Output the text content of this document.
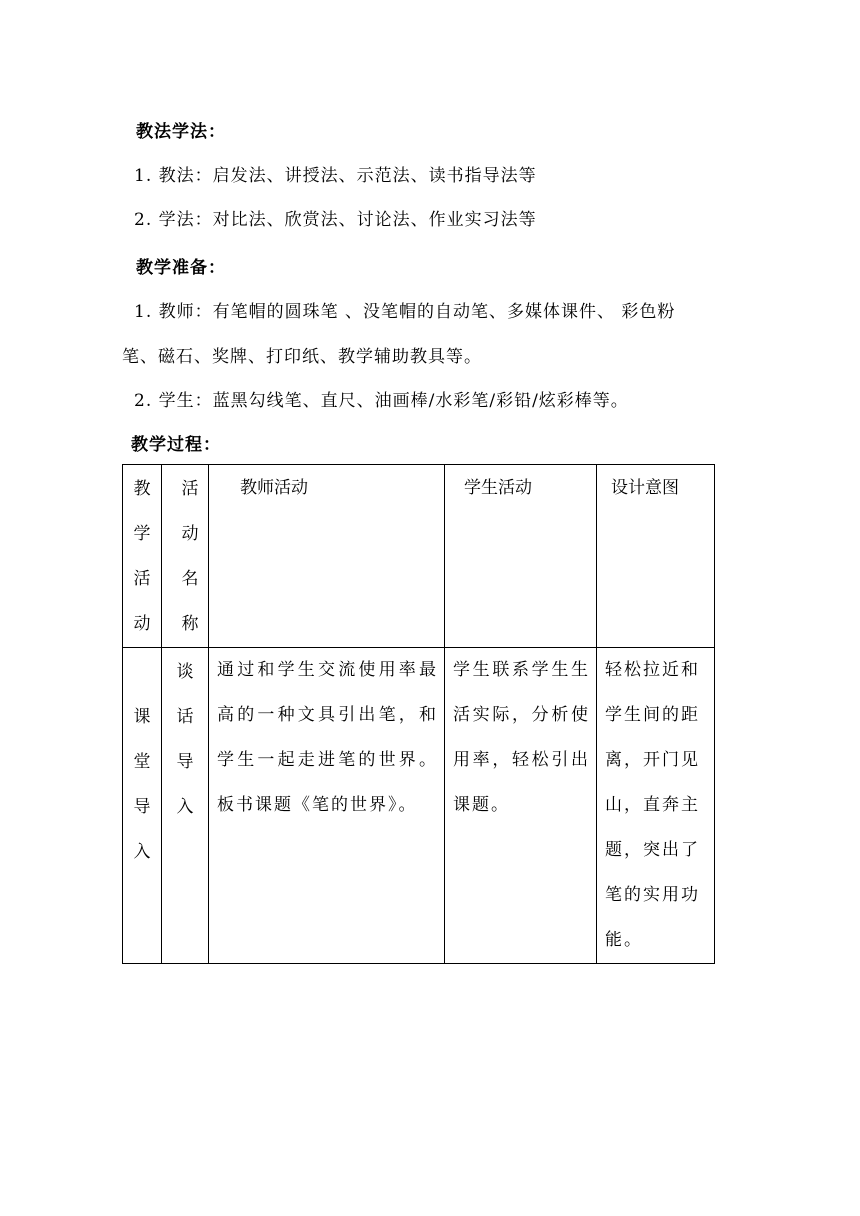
教法学法：
1. 教法：启发法、讲授法、示范法、读书指导法等
2. 学法：对比法、欣赏法、讨论法、作业实习法等
教学准备：
1. 教师：有笔帽的圆珠笔 、没笔帽的自动笔、多媒体课件、 彩色粉
笔、磁石、奖牌、打印纸、教学辅助教具等。
2. 学生：蓝黑勾线笔、直尺、油画棒/水彩笔/彩铅/炫彩棒等。
教学过程：
教
学
活
动	活
动
名
称	教师活动	学生活动	设计意图

课
堂
导
入	谈
话
导
入	通过和学生交流使用率最高的一种文具引出笔，和学生一起走进笔的世界。板书课题《笔的世界》。	学生联系学生生活实际，分析使用率，轻松引出课题。	轻松拉近和学生间的距离，开门见山，直奔主题，突出了笔的实用功能。
